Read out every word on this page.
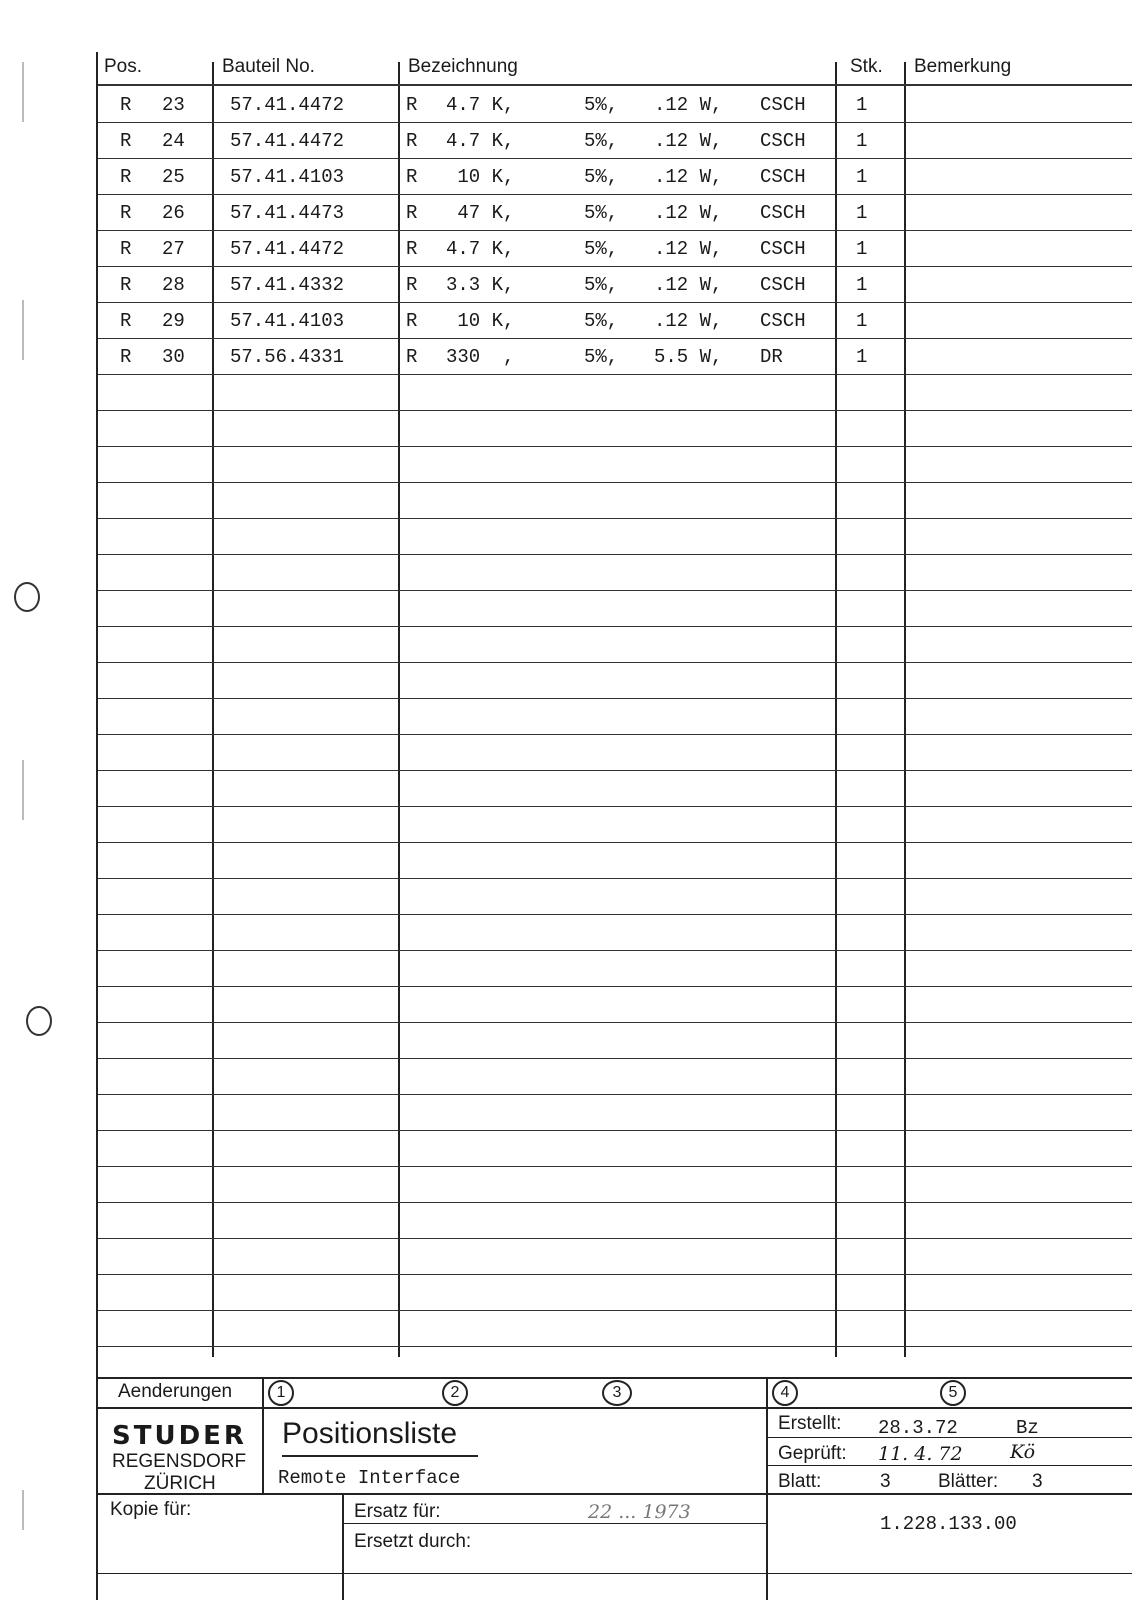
Pos.	Bauteil No.	Bezeichnung	Stk. Bemerkung
R 23 57.41.4472	R 4.7 K,	5%, .12 W, CSCH	1
R 24 57.41.4472	R 4.7 K,	5%, .12 W, CSCH	1
R 25 57.41.4103	R 10 K,	5%, .12 W, CSCH	1
R 26 57.41.4473	R 47 K,	5%, .12 W, CSCH	1
R 27 57.41.4472	R 4.7 K,	5%, .12 W, CSCH	1
R 28 57.41.4332	R 3.3 K,	5%, .12 W, CSCH	1
R 29 57.41.4103	R 10 K,	5%, .12 W, CSCH	1
R 30 57.56.4331	R 330  ,	5%, 5.5 W, DR	1
Aenderungen	1	2	3	4	5
STUDER
REGENSDORF
ZÜRICH
Positionsliste
Remote Interface
Erstellt: 28.3.72	Bz
Geprüft: 11. 4. 72 Kö
Blatt:	3 Blätter: 3
Kopie für:	Ersatz für:	22 ... 1973
Ersetzt durch:
1.228.133.00
